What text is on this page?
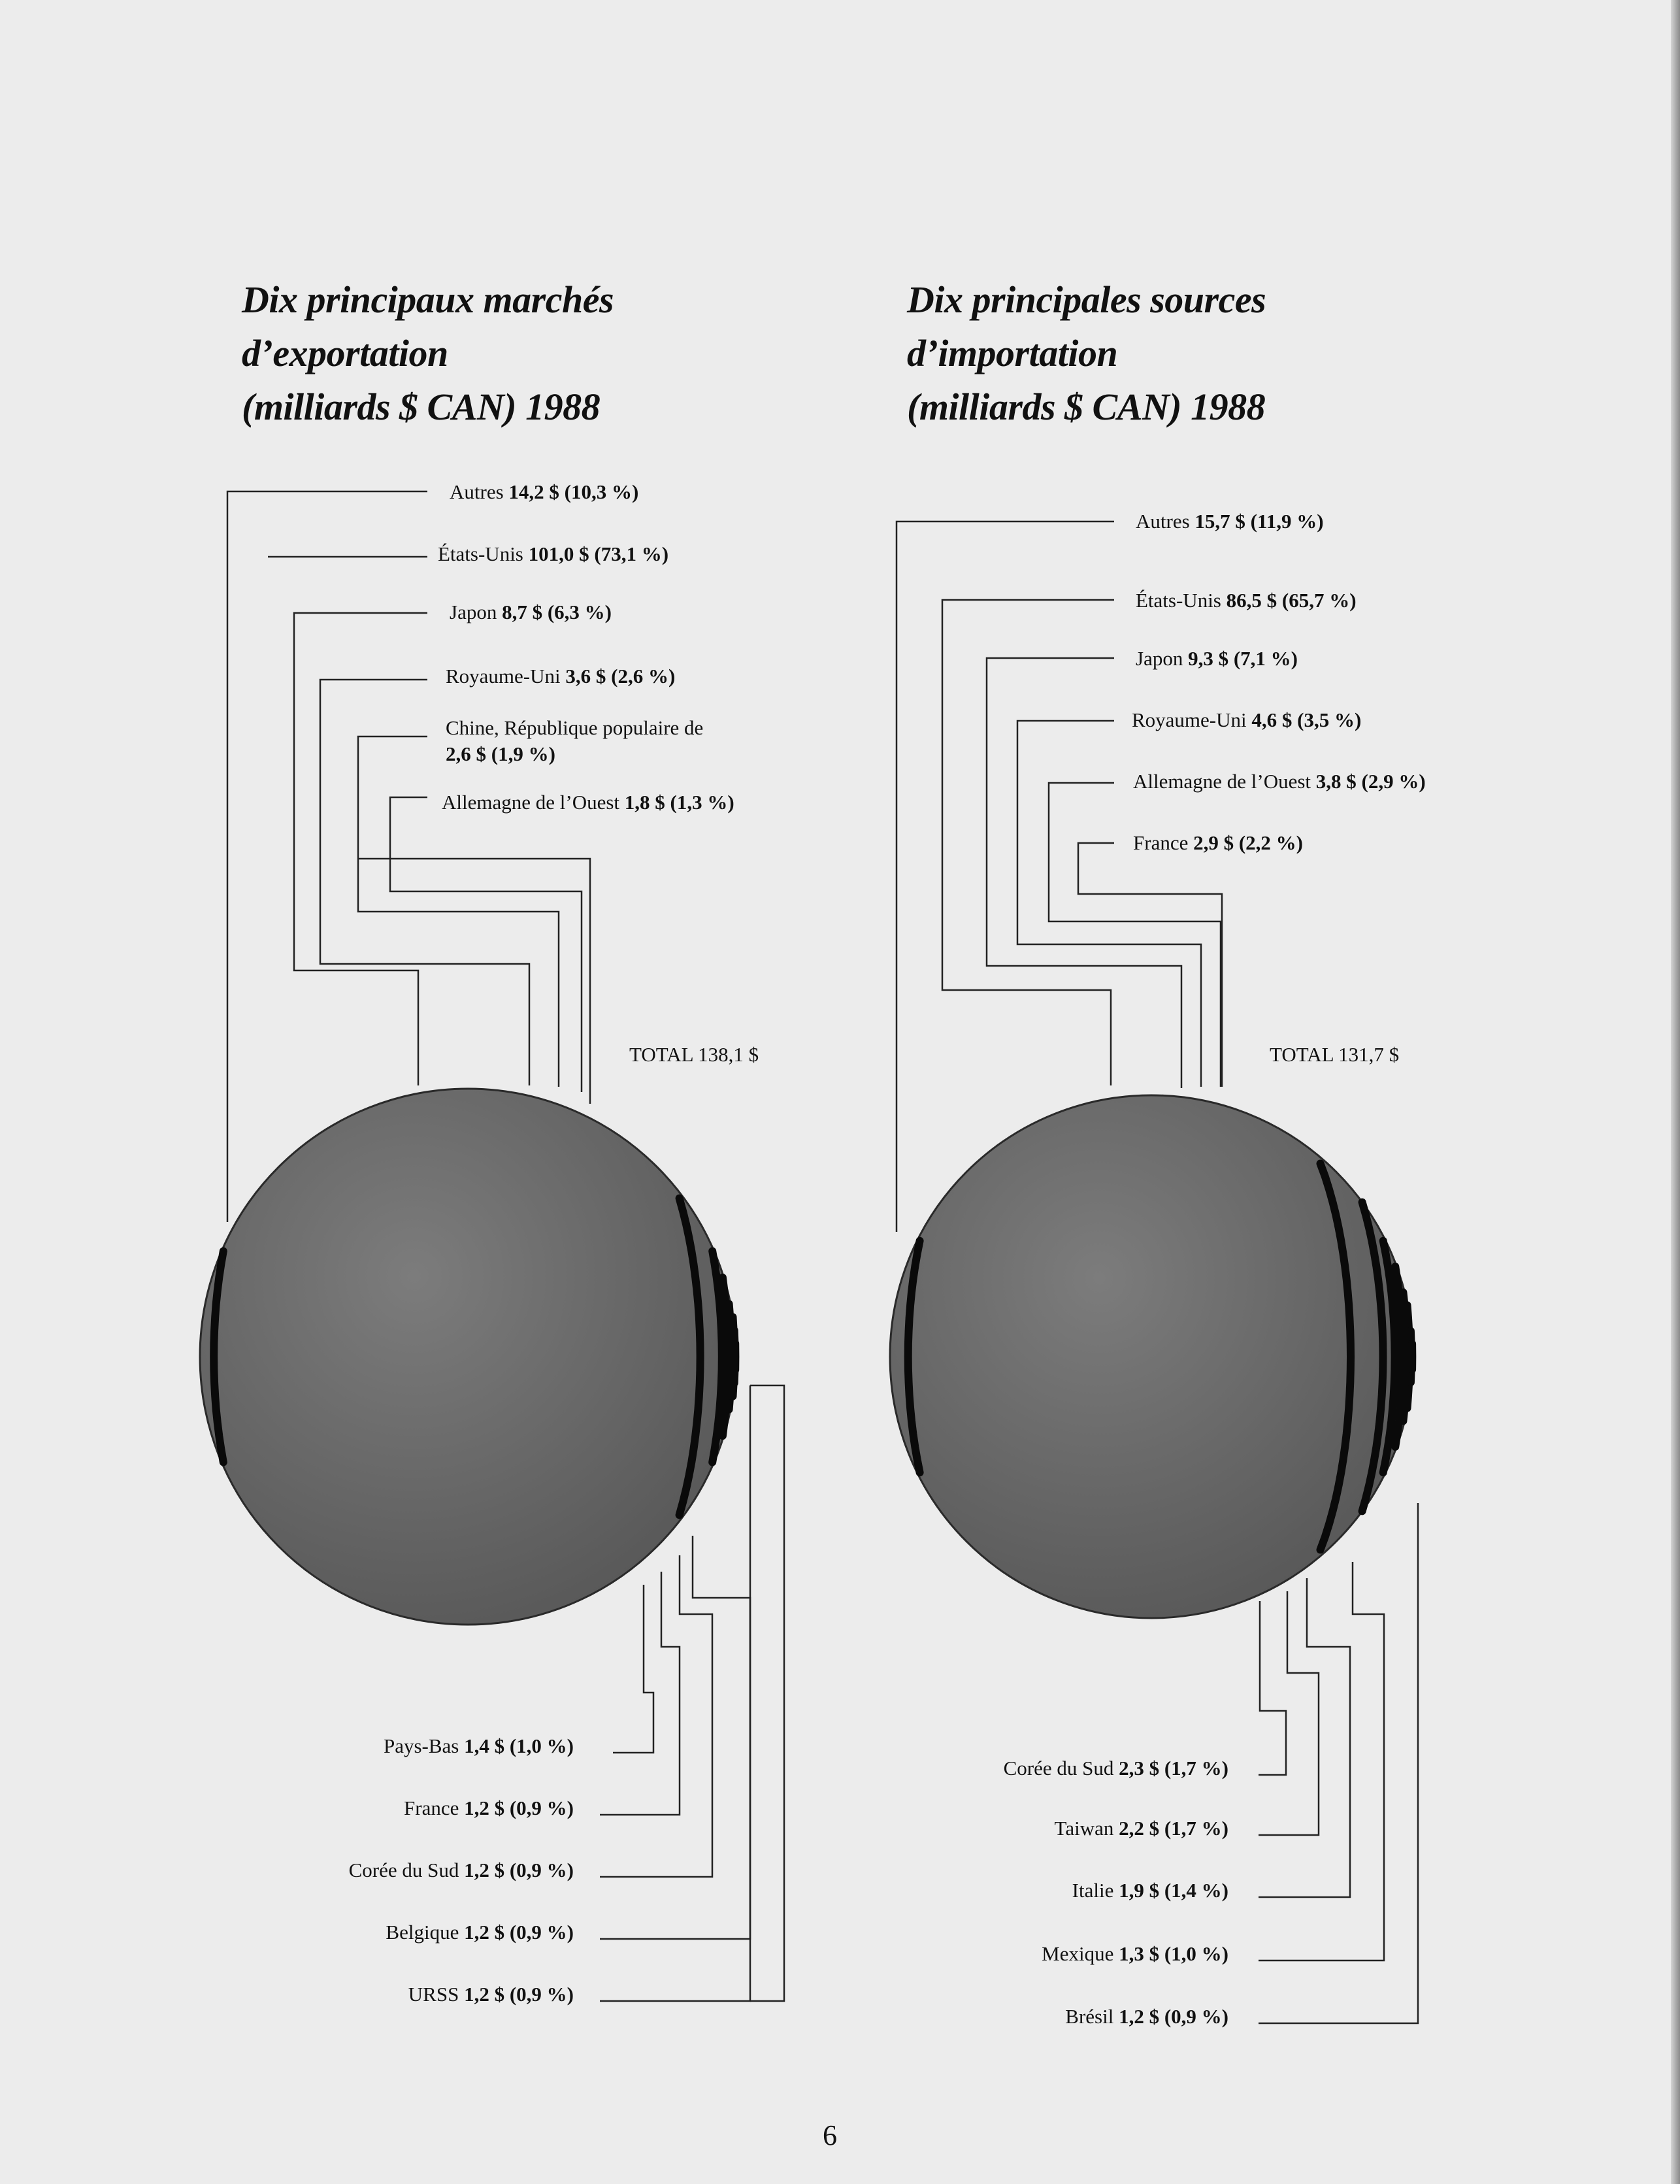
Dix principaux marchés
d’exportation
(milliards $ CAN) 1988
Dix principales sources
d’importation
(milliards $ CAN) 1988
Autres 14,2 $ (10,3 %)
États-Unis 101,0 $ (73,1 %)
Japon 8,7 $ (6,3 %)
Royaume-Uni 3,6 $ (2,6 %)
Chine, République populaire de 2,6 $ (1,9 %)
Allemagne de l’Ouest 1,8 $ (1,3 %)
Pays-Bas 1,4 $ (1,0 %)
France 1,2 $ (0,9 %)
Corée du Sud 1,2 $ (0,9 %)
Belgique 1,2 $ (0,9 %)
URSS 1,2 $ (0,9 %)
TOTAL 138,1 $
Autres 15,7 $ (11,9 %)
États-Unis 86,5 $ (65,7 %)
Japon 9,3 $ (7,1 %)
Royaume-Uni 4,6 $ (3,5 %)
Allemagne de l’Ouest 3,8 $ (2,9 %)
France 2,9 $ (2,2 %)
Corée du Sud 2,3 $ (1,7 %)
Taiwan 2,2 $ (1,7 %)
Italie 1,9 $ (1,4 %)
Mexique 1,3 $ (1,0 %)
Brésil 1,2 $ (0,9 %)
TOTAL 131,7 $
6
